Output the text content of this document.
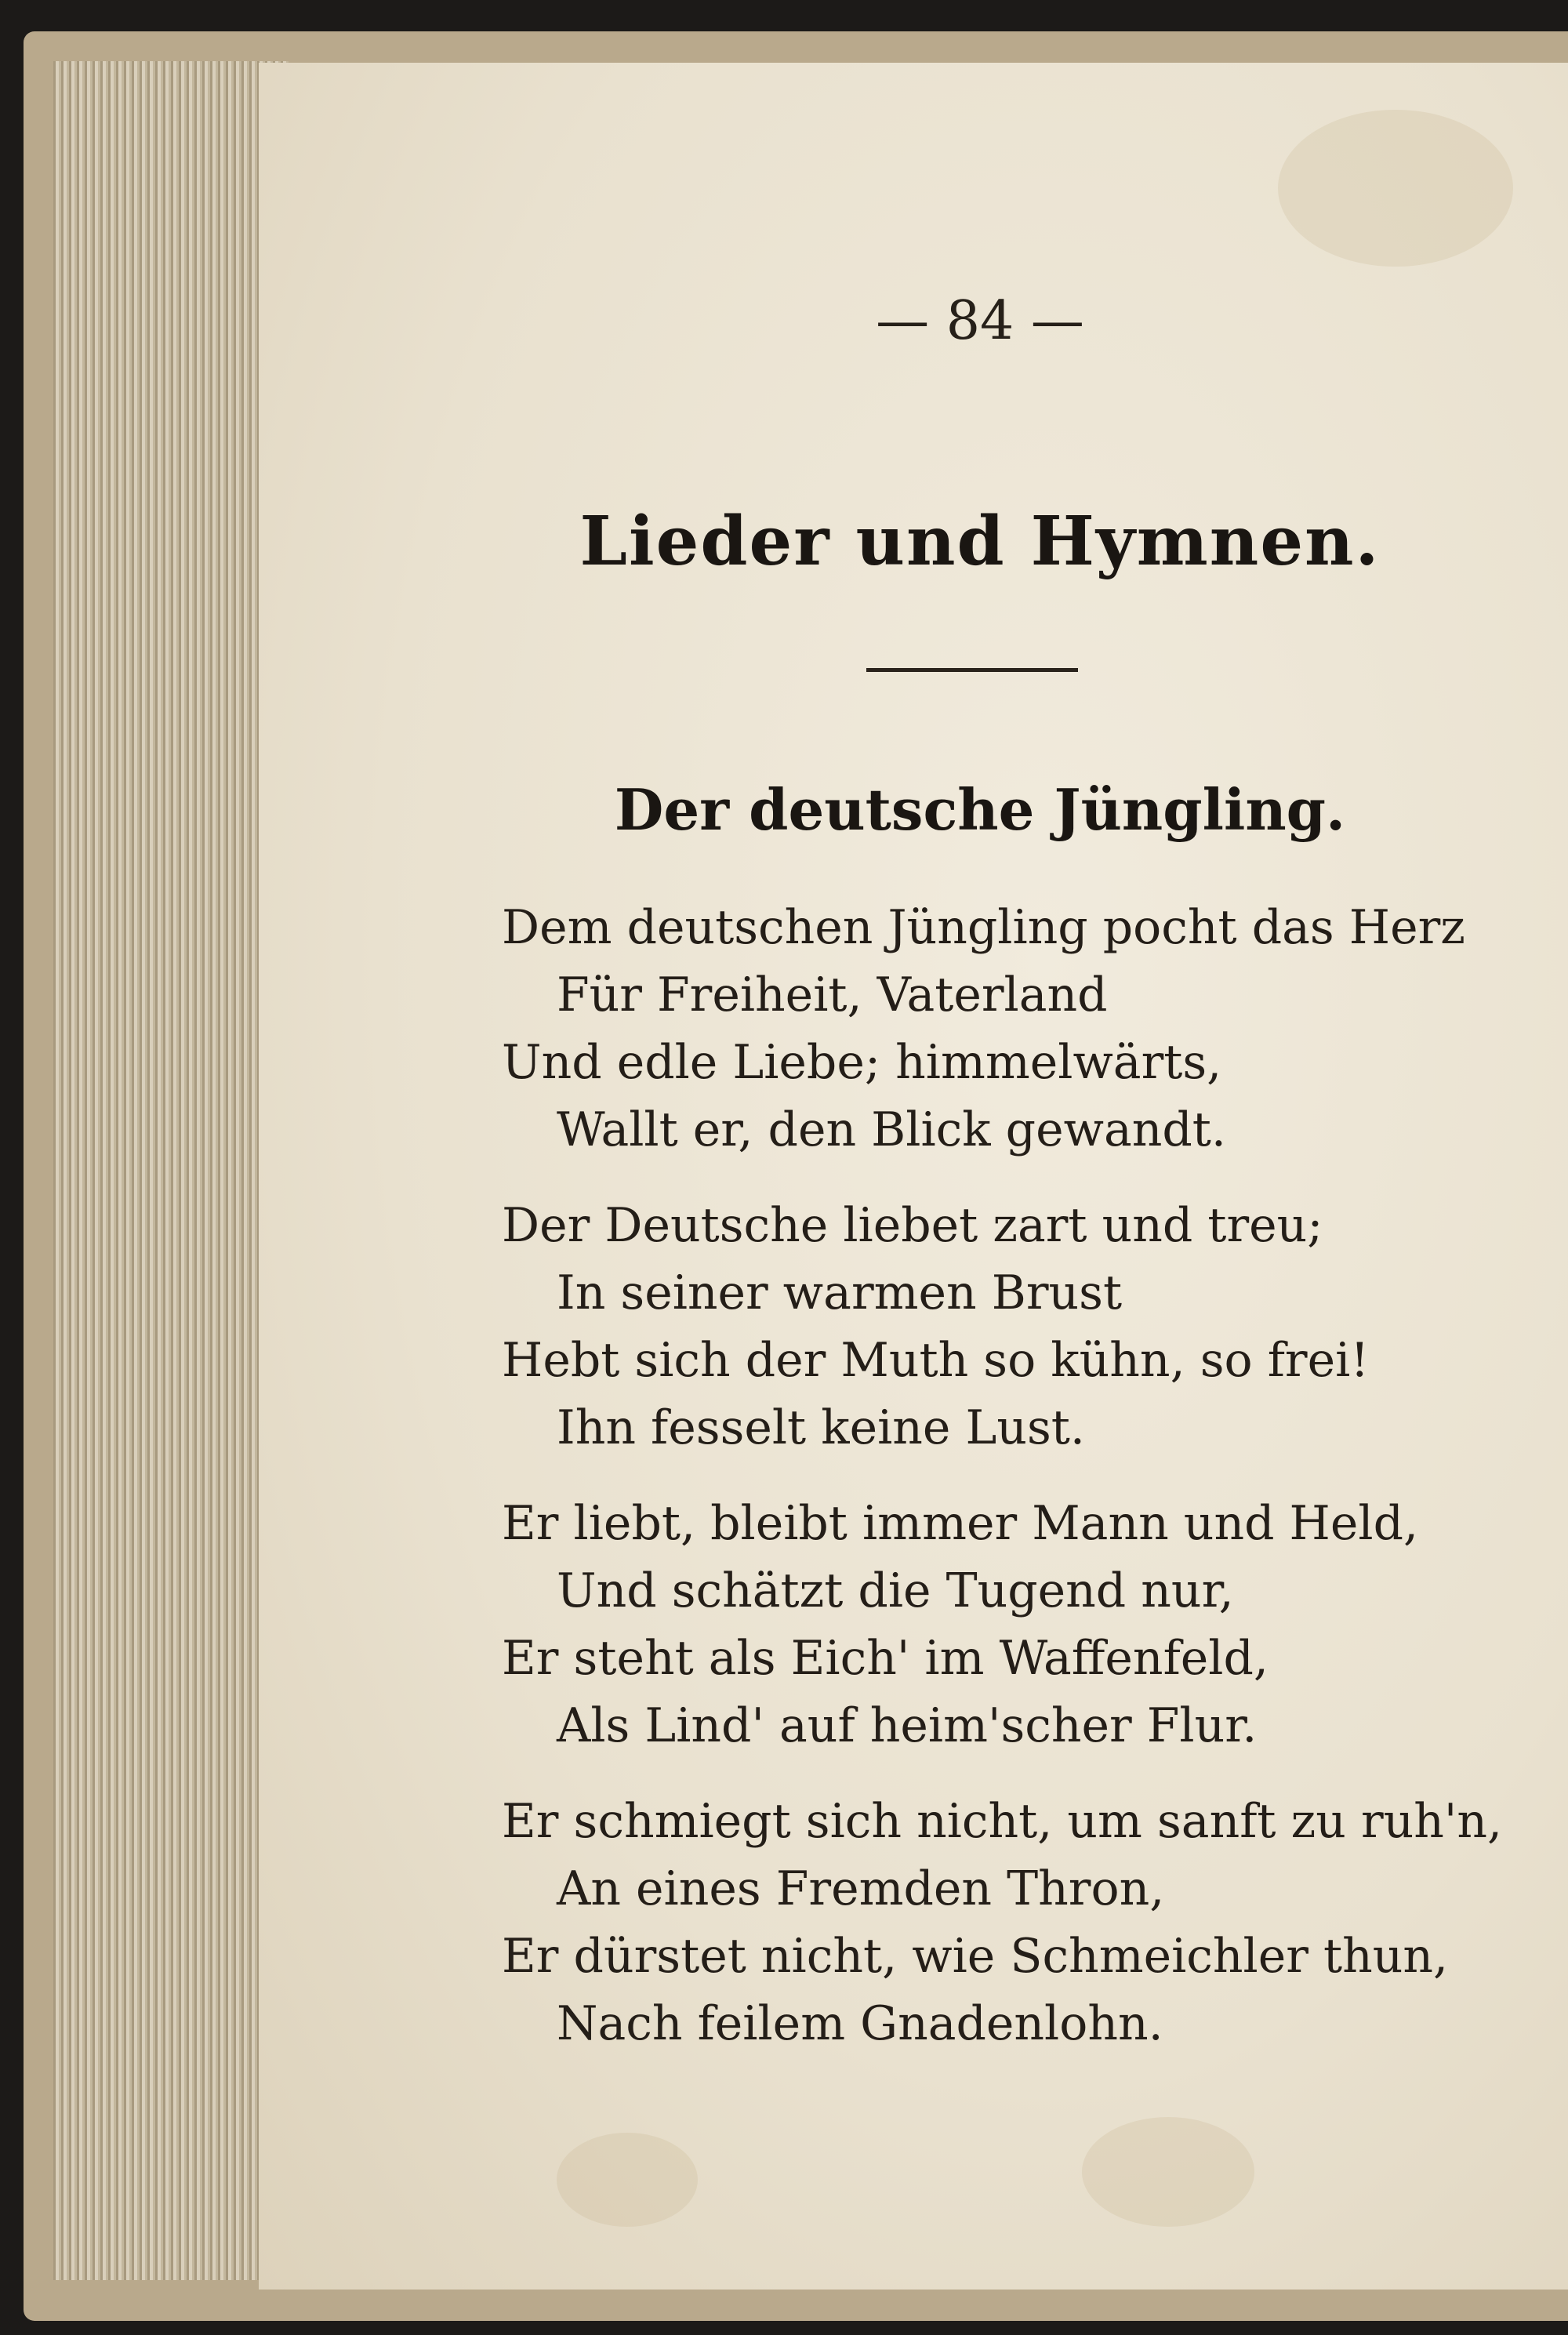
— 84 —
Lieder und Hymnen.
Der deutsche Jüngling.
Dem deutschen Jüngling pocht das Herz
Für Freiheit, Vaterland
Und edle Liebe; himmelwärts,
Wallt er, den Blick gewandt.
Der Deutsche liebet zart und treu;
In seiner warmen Brust
Hebt sich der Muth so kühn, so frei!
Ihn fesselt keine Lust.
Er liebt, bleibt immer Mann und Held,
Und schätzt die Tugend nur,
Er steht als Eich' im Waffenfeld,
Als Lind' auf heim'scher Flur.
Er schmiegt sich nicht, um sanft zu ruh'n,
An eines Fremden Thron,
Er dürstet nicht, wie Schmeichler thun,
Nach feilem Gnadenlohn.
